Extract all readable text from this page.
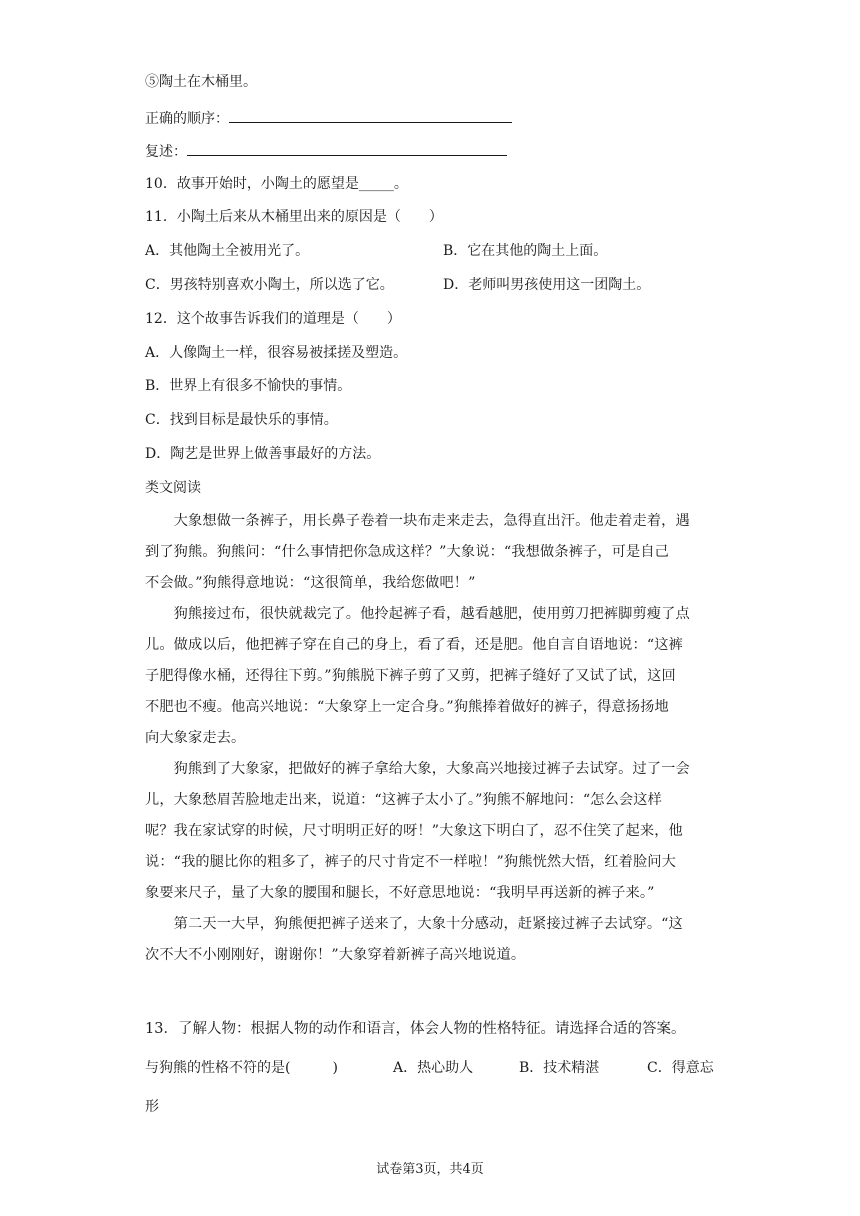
⑤陶土在木桶里。
正确的顺序：
复述：
10．故事开始时，小陶土的愿望是_____。
11．小陶土后来从木桶里出来的原因是（　　）
A．其他陶土全被用光了。	B．它在其他的陶土上面。
C．男孩特别喜欢小陶土，所以选了它。	D．老师叫男孩使用这一团陶土。
12．这个故事告诉我们的道理是（　　）
A．人像陶土一样，很容易被揉搓及塑造。
B．世界上有很多不愉快的事情。
C．找到目标是最快乐的事情。
D．陶艺是世界上做善事最好的方法。
类文阅读
　　大象想做一条裤子，用长鼻子卷着一块布走来走去，急得直出汗。他走着走着，遇
到了狗熊。狗熊问：“什么事情把你急成这样？”大象说：“我想做条裤子，可是自己
不会做。”狗熊得意地说：“这很简单，我给您做吧！”
　　狗熊接过布，很快就裁完了。他拎起裤子看，越看越肥，使用剪刀把裤脚剪瘦了点
儿。做成以后，他把裤子穿在自己的身上，看了看，还是肥。他自言自语地说：“这裤
子肥得像水桶，还得往下剪。”狗熊脱下裤子剪了又剪，把裤子缝好了又试了试，这回
不肥也不瘦。他高兴地说：“大象穿上一定合身。”狗熊捧着做好的裤子，得意扬扬地
向大象家走去。
　　狗熊到了大象家，把做好的裤子拿给大象，大象高兴地接过裤子去试穿。过了一会
儿，大象愁眉苦脸地走出来，说道：“这裤子太小了。”狗熊不解地问：“怎么会这样
呢？我在家试穿的时候，尺寸明明正好的呀！”大象这下明白了，忍不住笑了起来，他
说：“我的腿比你的粗多了，裤子的尺寸肯定不一样啦！”狗熊恍然大悟，红着脸问大
象要来尺子，量了大象的腰围和腿长，不好意思地说：“我明早再送新的裤子来。”
　　第二天一大早，狗熊便把裤子送来了，大象十分感动，赶紧接过裤子去试穿。“这
次不大不小刚刚好，谢谢你！”大象穿着新裤子高兴地说道。
13．了解人物：根据人物的动作和语言，体会人物的性格特征。请选择合适的答案。
与狗熊的性格不符的是(　　　)	A．热心助人	B．技术精湛	C．得意忘
形
试卷第3页，共4页
